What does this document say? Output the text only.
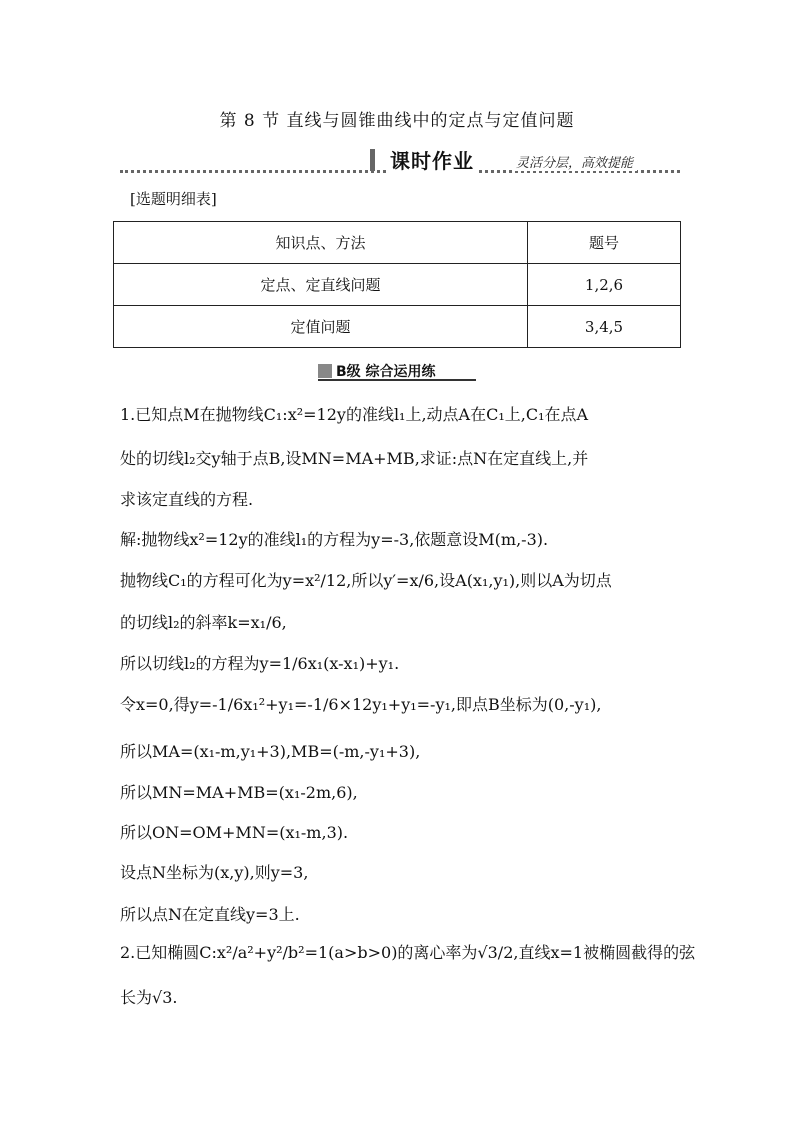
第 8 节 直线与圆锥曲线中的定点与定值问题
课时作业	灵活分层，高效提能
[选题明细表]
知识点、方法	题号
定点、定直线问题	1,2,6
定值问题	3,4,5
B级 综合运用练
1.已知点M在抛物线C₁:x²=12y的准线l₁上,动点A在C₁上,C₁在点A
处的切线l₂交y轴于点B,设MN=MA+MB,求证:点N在定直线上,并
求该定直线的方程.
解:抛物线x²=12y的准线l₁的方程为y=-3,依题意设M(m,-3).
抛物线C₁的方程可化为y=x²/12,所以y′=x/6,设A(x₁,y₁),则以A为切点
的切线l₂的斜率k=x₁/6,
所以切线l₂的方程为y=1/6x₁(x-x₁)+y₁.
令x=0,得y=-1/6x₁²+y₁=-1/6×12y₁+y₁=-y₁,即点B坐标为(0,-y₁),
所以MA=(x₁-m,y₁+3),MB=(-m,-y₁+3),
所以MN=MA+MB=(x₁-2m,6),
所以ON=OM+MN=(x₁-m,3).
设点N坐标为(x,y),则y=3,
所以点N在定直线y=3上.
2.已知椭圆C:x²/a²+y²/b²=1(a>b>0)的离心率为√3/2,直线x=1被椭圆截得的弦
长为√3.
